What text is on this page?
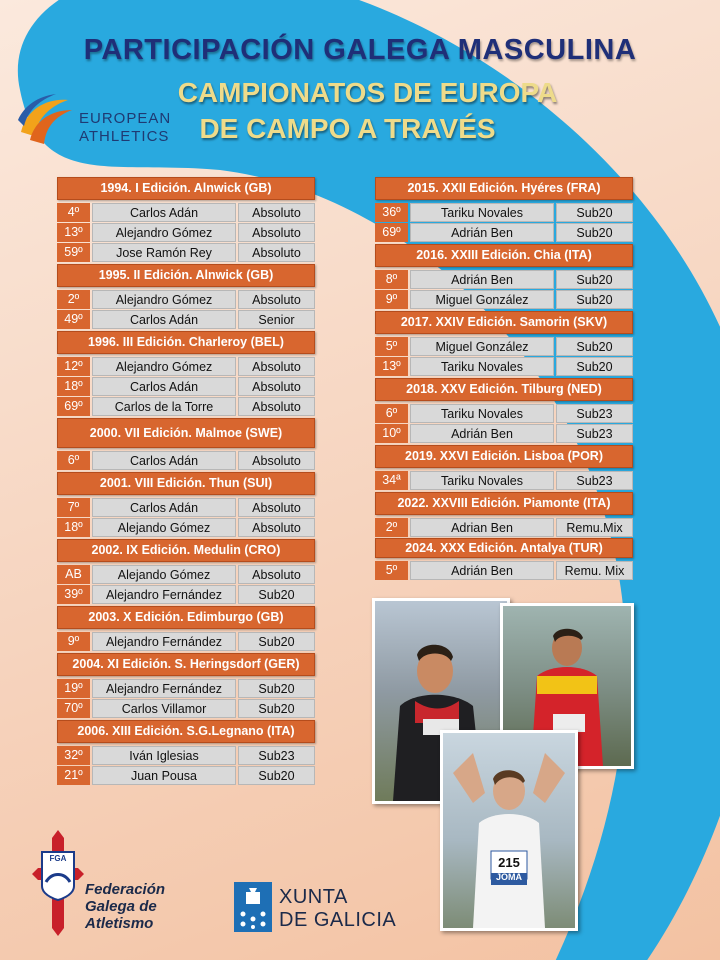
PARTICIPACIÓN GALEGA MASCULINA
CAMPIONATOS DE EUROPA
DE CAMPO A TRAVÉS
EUROPEAN
ATHLETICS
1994. I Edición. Alnwick (GB)
4º	Carlos Adán	Absoluto
13º	Alejandro Gómez	Absoluto
59º	Jose Ramón Rey	Absoluto
1995. II Edición. Alnwick (GB)
2º	Alejandro Gómez	Absoluto
49º	Carlos Adán	Senior
1996. III Edición. Charleroy (BEL)
12º	Alejandro Gómez	Absoluto
18º	Carlos Adán	Absoluto
69º	Carlos de la Torre	Absoluto
2000. VII Edición. Malmoe (SWE)
6º	Carlos Adán	Absoluto
2001. VIII Edición. Thun (SUI)
7º	Carlos Adán	Absoluto
18º	Alejando Gómez	Absoluto
2002. IX Edición. Medulin (CRO)
AB	Alejando Gómez	Absoluto
39º	Alejandro Fernández	Sub20
2003. X Edición. Edimburgo (GB)
9º	Alejandro Fernández	Sub20
2004. XI Edición. S. Heringsdorf (GER)
19º	Alejandro Fernández	Sub20
70º	Carlos Villamor	Sub20
2006. XIII Edición. S.G.Legnano (ITA)
32º	Iván Iglesias	Sub23
21º	Juan Pousa	Sub20
2015. XXII Edición. Hyéres (FRA)
36º	Tariku Novales	Sub20
69º	Adrián Ben	Sub20
2016. XXIII Edición. Chia (ITA)
8º	Adrián Ben	Sub20
9º	Miguel González	Sub20
2017. XXIV Edición. Samorin (SKV)
5º	Miguel González	Sub20
13º	Tariku Novales	Sub20
2018. XXV Edición. Tilburg (NED)
6º	Tariku Novales	Sub23
10º	Adrián Ben	Sub23
2019. XXVI Edición. Lisboa (POR)
34ª	Tariku Novales	Sub23
2022. XXVIII Edición. Piamonte (ITA)
2º	Adrian Ben	Remu.Mix
2024. XXX Edición. Antalya (TUR)
5º	Adrián Ben	Remu. Mix
215
JOMA
FGA
Federación
Galega de
Atletismo
XUNTA
DE GALICIA
